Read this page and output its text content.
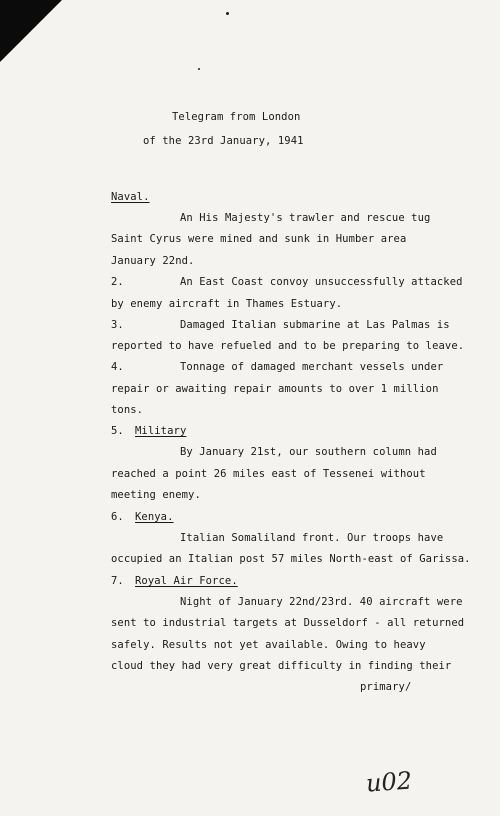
Telegram from London
of the 23rd January, 1941
Naval.
An His Majesty's trawler and rescue tug
Saint Cyrus were mined and sunk in Humber area
January 22nd.
2.	An East Coast convoy unsuccessfully attacked
by enemy aircraft in Thames Estuary.
3.	Damaged Italian submarine at Las Palmas is
reported to have refueled and to be preparing to leave.
4.	Tonnage of damaged merchant vessels under
repair or awaiting repair amounts to over 1 million
tons.
5. Military
By January 21st, our southern column had
reached a point 26 miles east of Tessenei without
meeting enemy.
6. Kenya.
Italian Somaliland front. Our troops have
occupied an Italian post 57 miles North-east of Garissa.
7. Royal Air Force.
Night of January 22nd/23rd. 40 aircraft were
sent to industrial targets at Dusseldorf - all returned
safely. Results not yet available. Owing to heavy
cloud they had very great difficulty in finding their
primary/
u02
